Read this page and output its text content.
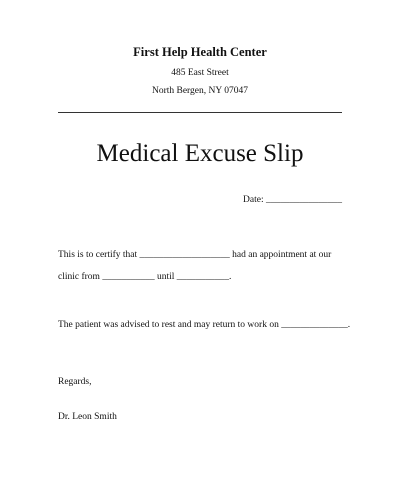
First Help Health Center
485 East Street
North Bergen, NY 07047
Medical Excuse Slip
Date: ________________
This is to certify that ___________________ had an appointment at our
clinic from ___________ until ___________.
The patient was advised to rest and may return to work on ______________.
Regards,
Dr. Leon Smith
